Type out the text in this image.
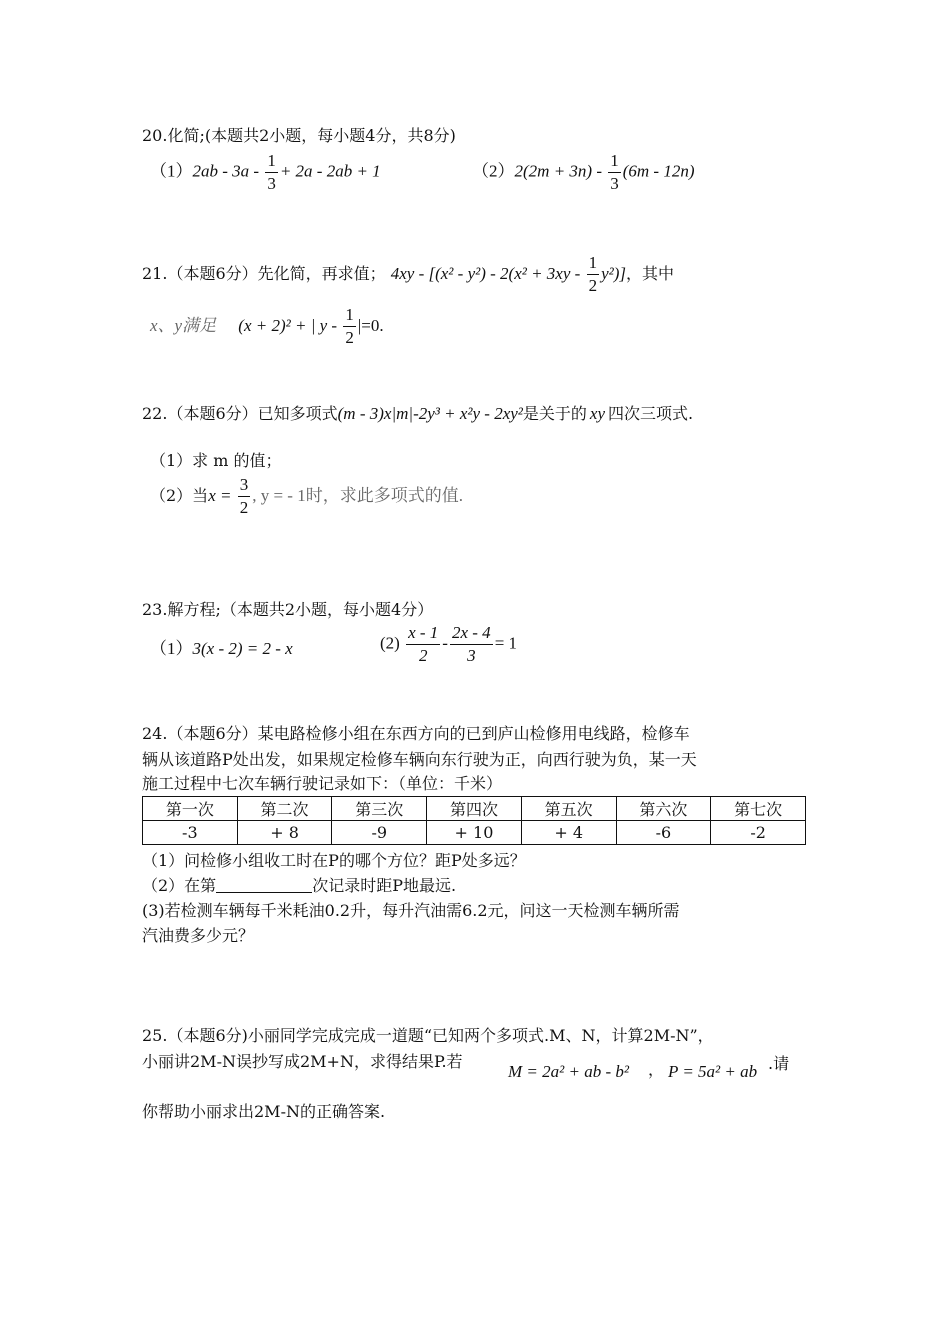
20.化简;(本题共2小题，每小题4分，共8分)
$(1)2ab - 3a - \frac{1}{3} + 2a - 2ab + 1$	$(2)2(2m + 3n) - \frac{1}{3} (6m - 12n)$
21.（本题6分）先化简，再求值； $4xy - [(x^2 - y^2) - 2(x^2 + 3xy - \frac{1}{2} y^2)]$，其中
x、y满足 (x + 2)² + | $y - \frac{1}{2} |=0$.
22.（本题6分）已知多项式(m - 3)x|m|-2y³ + x²y - 2xy²是关于的 xy 四次三项式.
（1）求 m 的值；
（2）当$x = \frac{3}{2}$ , y = - 1时，求此多项式的值.
23.解方程;（本题共2小题，每小题4分）
（1）3(x - 2) = 2 - x	$(2) \frac{x - 1}{2} - \frac{2x - 4}{3} = 1$
24.（本题6分）某电路检修小组在东西方向的已到庐山检修用电线路，检修车
辆从该道路P处出发，如果规定检修车辆向东行驶为正，向西行驶为负，某一天
施工过程中七次车辆行驶记录如下：（单位：千米）
第一次	第二次	第三次	第四次	第五次	第六次	第七次
-3	+ 8	-9	+ 10	+ 4	-6	-2
（1）问检修小组收工时在P的哪个方位？距P处多远？
（2）在第	次记录时距P地最远.
(3)若检测车辆每千米耗油0.2升，每升汽油需6.2元，问这一天检测车辆所需
汽油费多少元？
25.（本题6分)小丽同学完成完成一道题“已知两个多项式.M、N，计算2M-N”，
小丽讲2M-N误抄写成2M+N，求得结果P.若
M = 2a² + ab - b² ， P = 5a² + ab .请
你帮助小丽求出2M-N的正确答案.
